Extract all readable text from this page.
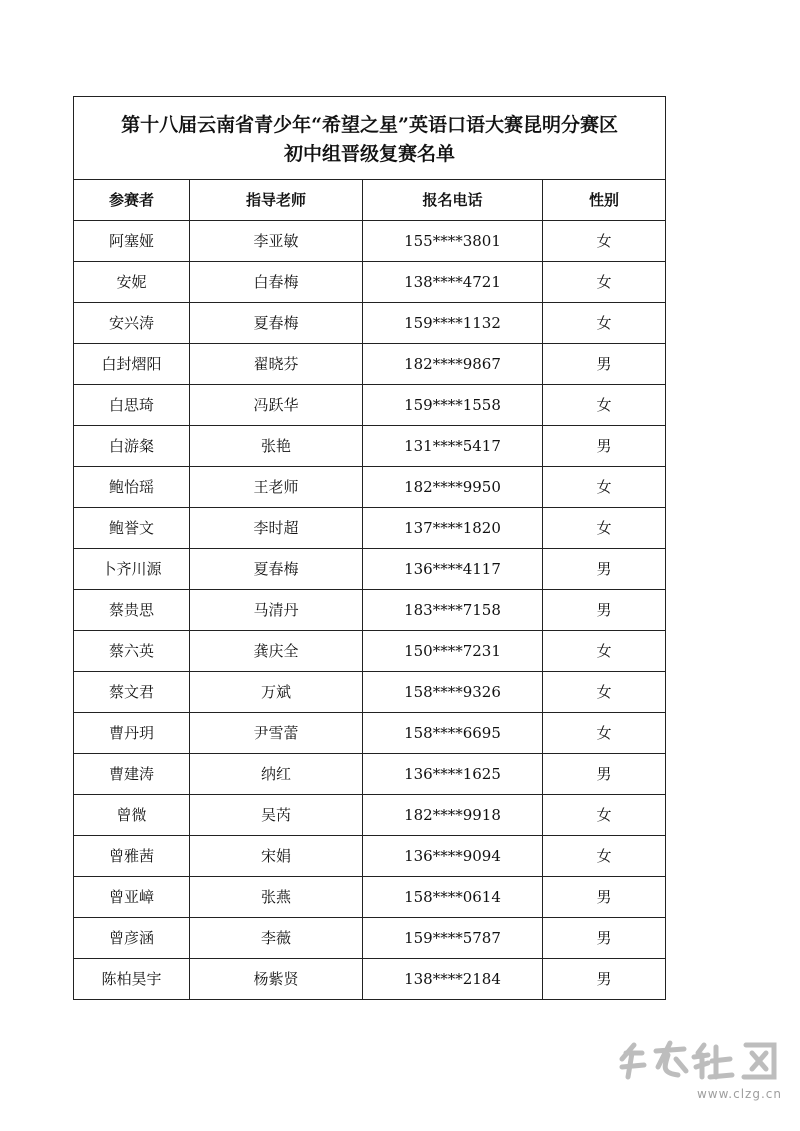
第十八届云南省青少年“希望之星”英语口语大赛昆明分赛区
初中组晋级复赛名单			

参赛者	指导老师	报名电话	性别
阿塞娅	李亚敏	155****3801	女
安妮	白春梅	138****4721	女
安兴涛	夏春梅	159****1132	女
白封熠阳	翟晓芬	182****9867	男
白思琦	冯跃华	159****1558	女
白游粲	张艳	131****5417	男
鲍怡瑶	王老师	182****9950	女
鲍誉文	李时超	137****1820	女
卜齐川源	夏春梅	136****4117	男
蔡贵思	马清丹	183****7158	男
蔡六英	龚庆全	150****7231	女
蔡文君	万斌	158****9326	女
曹丹玥	尹雪蕾	158****6695	女
曹建涛	纳红	136****1625	男
曾微	吴芮	182****9918	女
曾雅茜	宋娟	136****9094	女
曾亚嶂	张燕	158****0614	男
曾彦涵	李薇	159****5787	男
陈柏昊宇	杨紫贤	138****2184	男
www.clzg.cn
